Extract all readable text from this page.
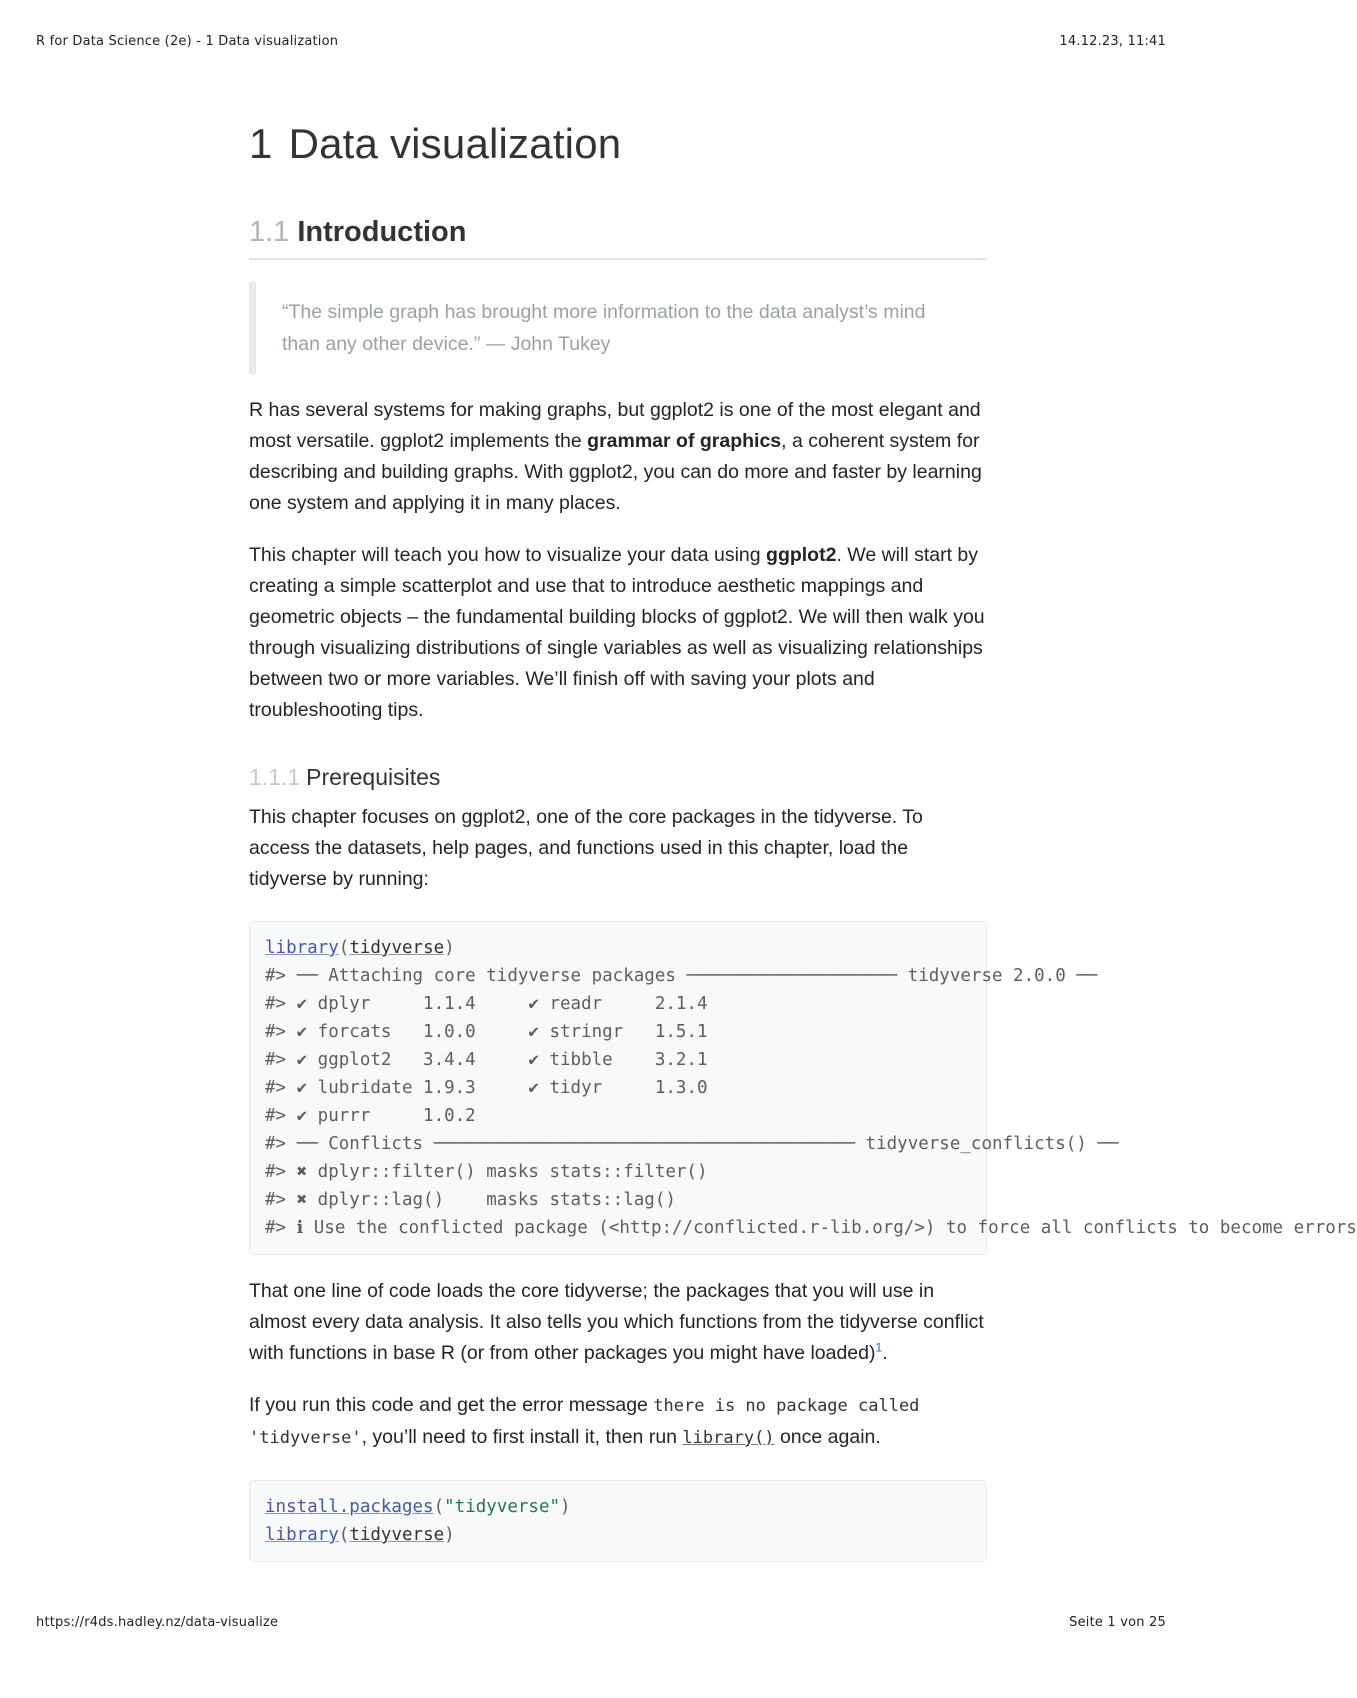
R for Data Science (2e) - 1 Data visualization	14.12.23, 11:41
1 Data visualization
1.1 Introduction
“The simple graph has brought more information to the data analyst’s mind than any other device.” — John Tukey

R has several systems for making graphs, but ggplot2 is one of the most elegant and most versatile. ggplot2 implements the grammar of graphics, a coherent system for describing and building graphs. With ggplot2, you can do more and faster by learning one system and applying it in many places.

This chapter will teach you how to visualize your data using ggplot2. We will start by creating a simple scatterplot and use that to introduce aesthetic mappings and geometric objects – the fundamental building blocks of ggplot2. We will then walk you through visualizing distributions of single variables as well as visualizing relationships between two or more variables. We’ll finish off with saving your plots and troubleshooting tips.

1.1.1 Prerequisites

This chapter focuses on ggplot2, one of the core packages in the tidyverse. To access the datasets, help pages, and functions used in this chapter, load the tidyverse by running:

library(tidyverse)
#> ── Attaching core tidyverse packages ──────────────────── tidyverse 2.0.0 ──
#> ✔ dplyr     1.1.4     ✔ readr     2.1.4
#> ✔ forcats   1.0.0     ✔ stringr   1.5.1
#> ✔ ggplot2   3.4.4     ✔ tibble    3.2.1
#> ✔ lubridate 1.9.3     ✔ tidyr     1.3.0
#> ✔ purrr     1.0.2
#> ── Conflicts ──────────────────────────────────────── tidyverse_conflicts() ──
#> ✖ dplyr::filter() masks stats::filter()
#> ✖ dplyr::lag()    masks stats::lag()
#> ℹ Use the conflicted package (<http://conflicted.r-lib.org/>) to force all conflicts to become errors

That one line of code loads the core tidyverse; the packages that you will use in almost every data analysis. It also tells you which functions from the tidyverse conflict with functions in base R (or from other packages you might have loaded)$^1$.

If you run this code and get the error message there is no package called 'tidyverse', you’ll need to first install it, then run library() once again.

install.packages("tidyverse")
library(tidyverse)
https://r4ds.hadley.nz/data-visualize	Seite 1 von 25
